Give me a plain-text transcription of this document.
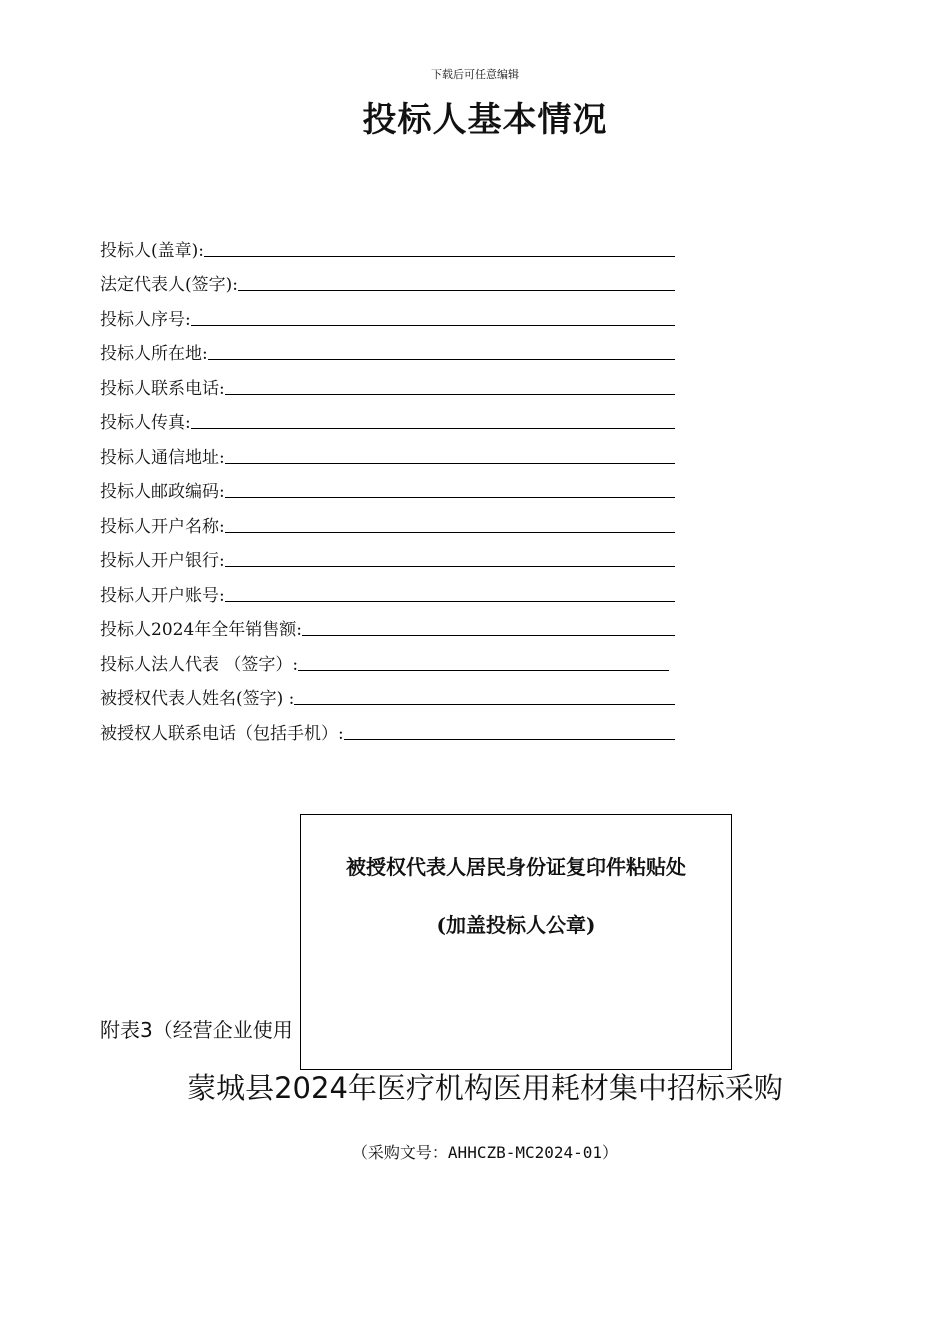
下载后可任意编辑
投标人基本情况
投标人(盖章):
法定代表人(签字):
投标人序号:
投标人所在地:
投标人联系电话:
投标人传真:
投标人通信地址:
投标人邮政编码:
投标人开户名称:
投标人开户银行:
投标人开户账号:
投标人2024年全年销售额:
投标人法人代表 （签字）:
被授权代表人姓名(签字) :
被授权人联系电话（包括手机）:
附表3（经营企业使用
被授权代表人居民身份证复印件粘贴处
(加盖投标人公章)
蒙城县2024年医疗机构医用耗材集中招标采购
（采购文号：AHHCZB-MC2024-01）
